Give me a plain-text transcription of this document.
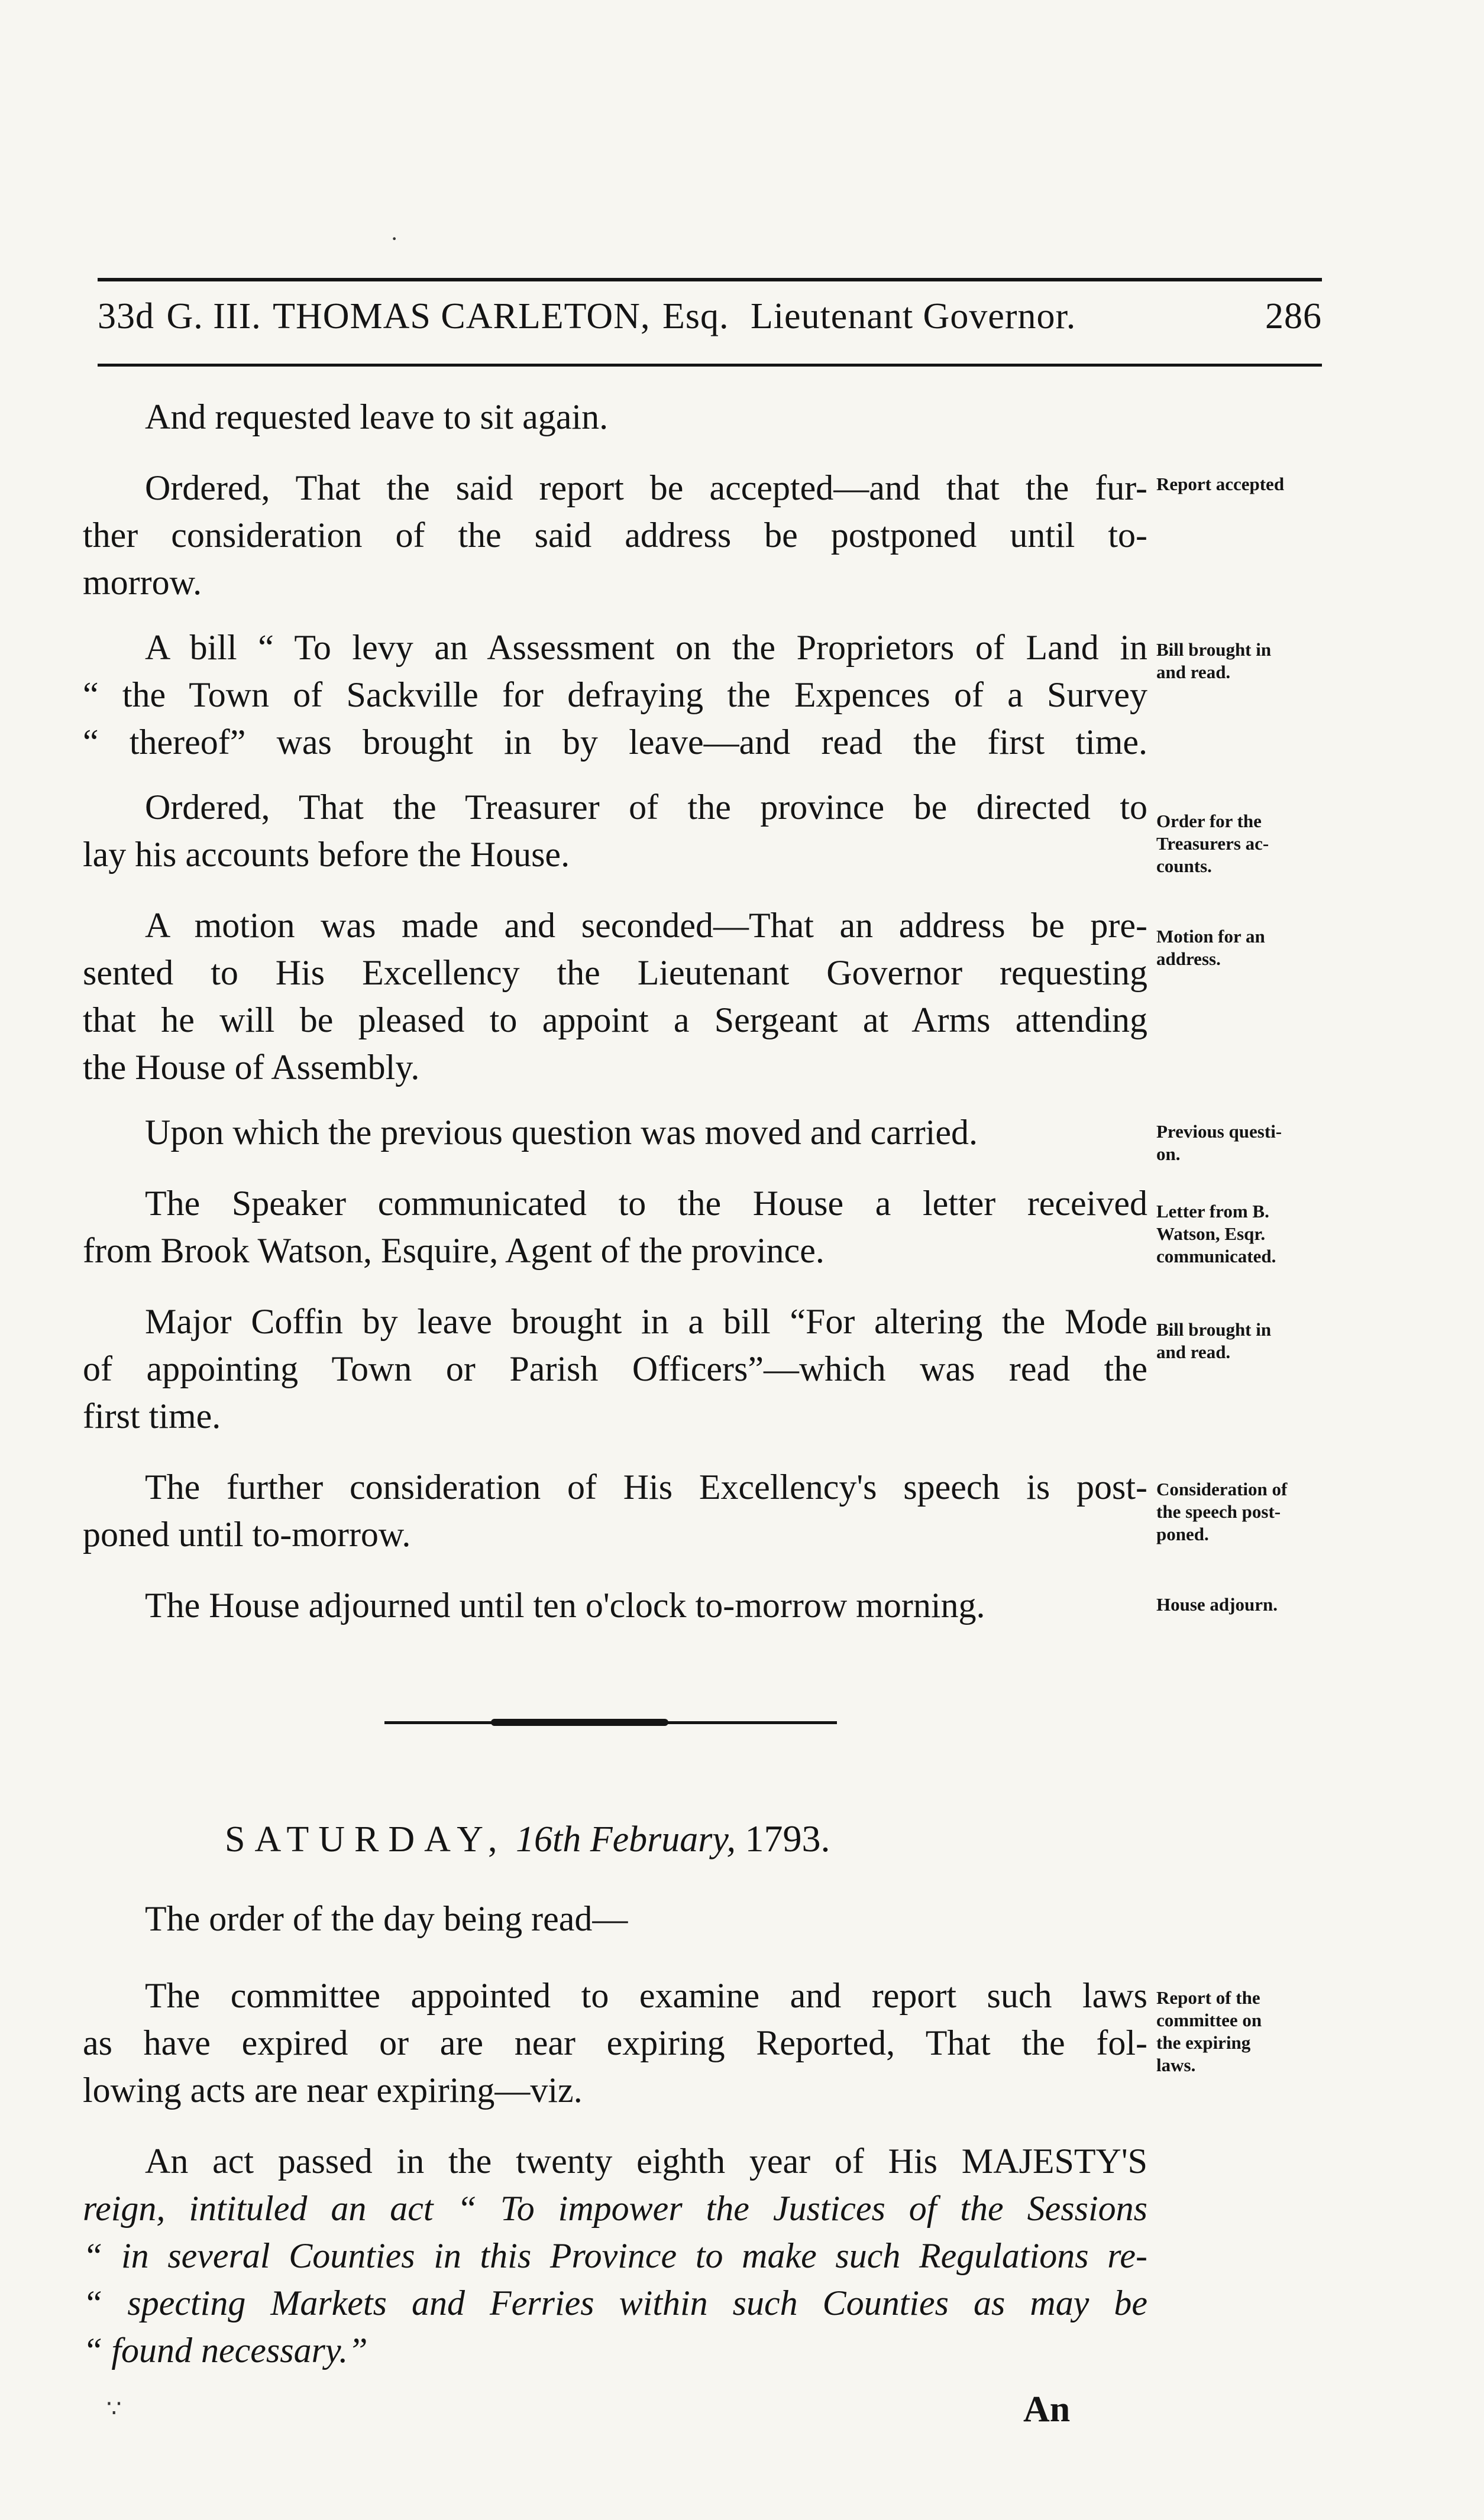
33d G. III. THOMAS CARLETON, Esq. Lieutenant Governor.	286
And requested leave to sit again.
Ordered, That the said report be accepted—and that the fur-
ther consideration of the said address be postponed until to-
morrow.
Report accepted
A bill “ To levy an Assessment on the Proprietors of Land in
“ the Town of Sackville for defraying the Expences of a Survey
“ thereof” was brought in by leave—and read the first time.
Bill brought in
and read.
Ordered, That the Treasurer of the province be directed to
lay his accounts before the House.
Order for the
Treasurers ac-
counts.
A motion was made and seconded—That an address be pre-
sented to His Excellency the Lieutenant Governor requesting
that he will be pleased to appoint a Sergeant at Arms attending
the House of Assembly.
Motion for an
address.
Upon which the previous question was moved and carried.	Previous questi-
on.
The Speaker communicated to the House a letter received
from Brook Watson, Esquire, Agent of the province.
Letter from B.
Watson, Esqr.
communicated.
Major Coffin by leave brought in a bill “For altering the Mode
of appointing Town or Parish Officers”—which was read the
first time.
Bill brought in
and read.
The further consideration of His Excellency's speech is post-
poned until to-morrow.
Consideration of
the speech post-
poned.
The House adjourned until ten o'clock to-morrow morning.	House adjourn.
SATURDAY, 16th February, 1793.
The order of the day being read—
The committee appointed to examine and report such laws
as have expired or are near expiring Reported, That the fol-
lowing acts are near expiring—viz.
Report of the
committee on
the expiring
laws.
An act passed in the twenty eighth year of His MAJESTY'S
reign, intituled an act “ To impower the Justices of the Sessions
“ in several Counties in this Province to make such Regulations re-
“ specting Markets and Ferries within such Counties as may be
“ found necessary.”
An
·
∵
